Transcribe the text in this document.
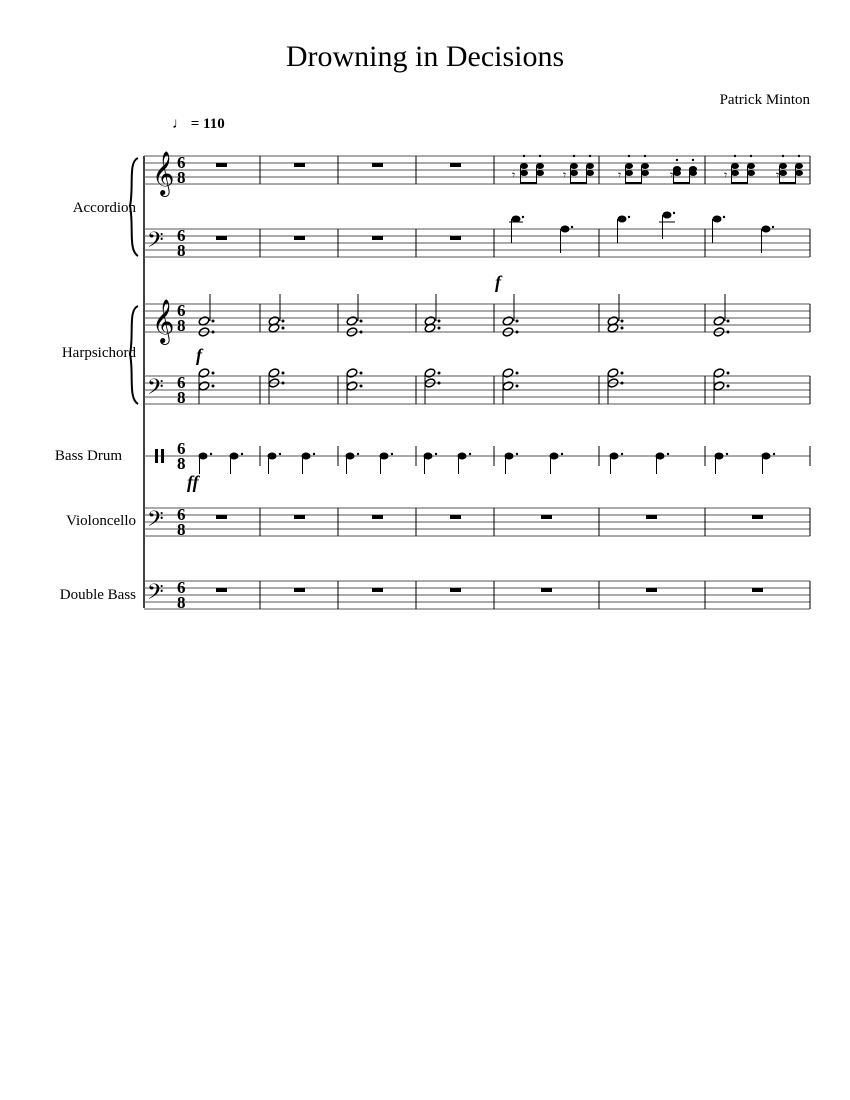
Drowning in Decisions
Patrick Minton
♩ = 110
Accordion
Harpsichord
Bass Drum
Violoncello
Double Bass
6
8
𝄞	𝄾	𝄾	𝄾	𝄾	𝄾	𝄾
𝄢
f
𝄞
f
𝄢
ff
𝄢
𝄢
